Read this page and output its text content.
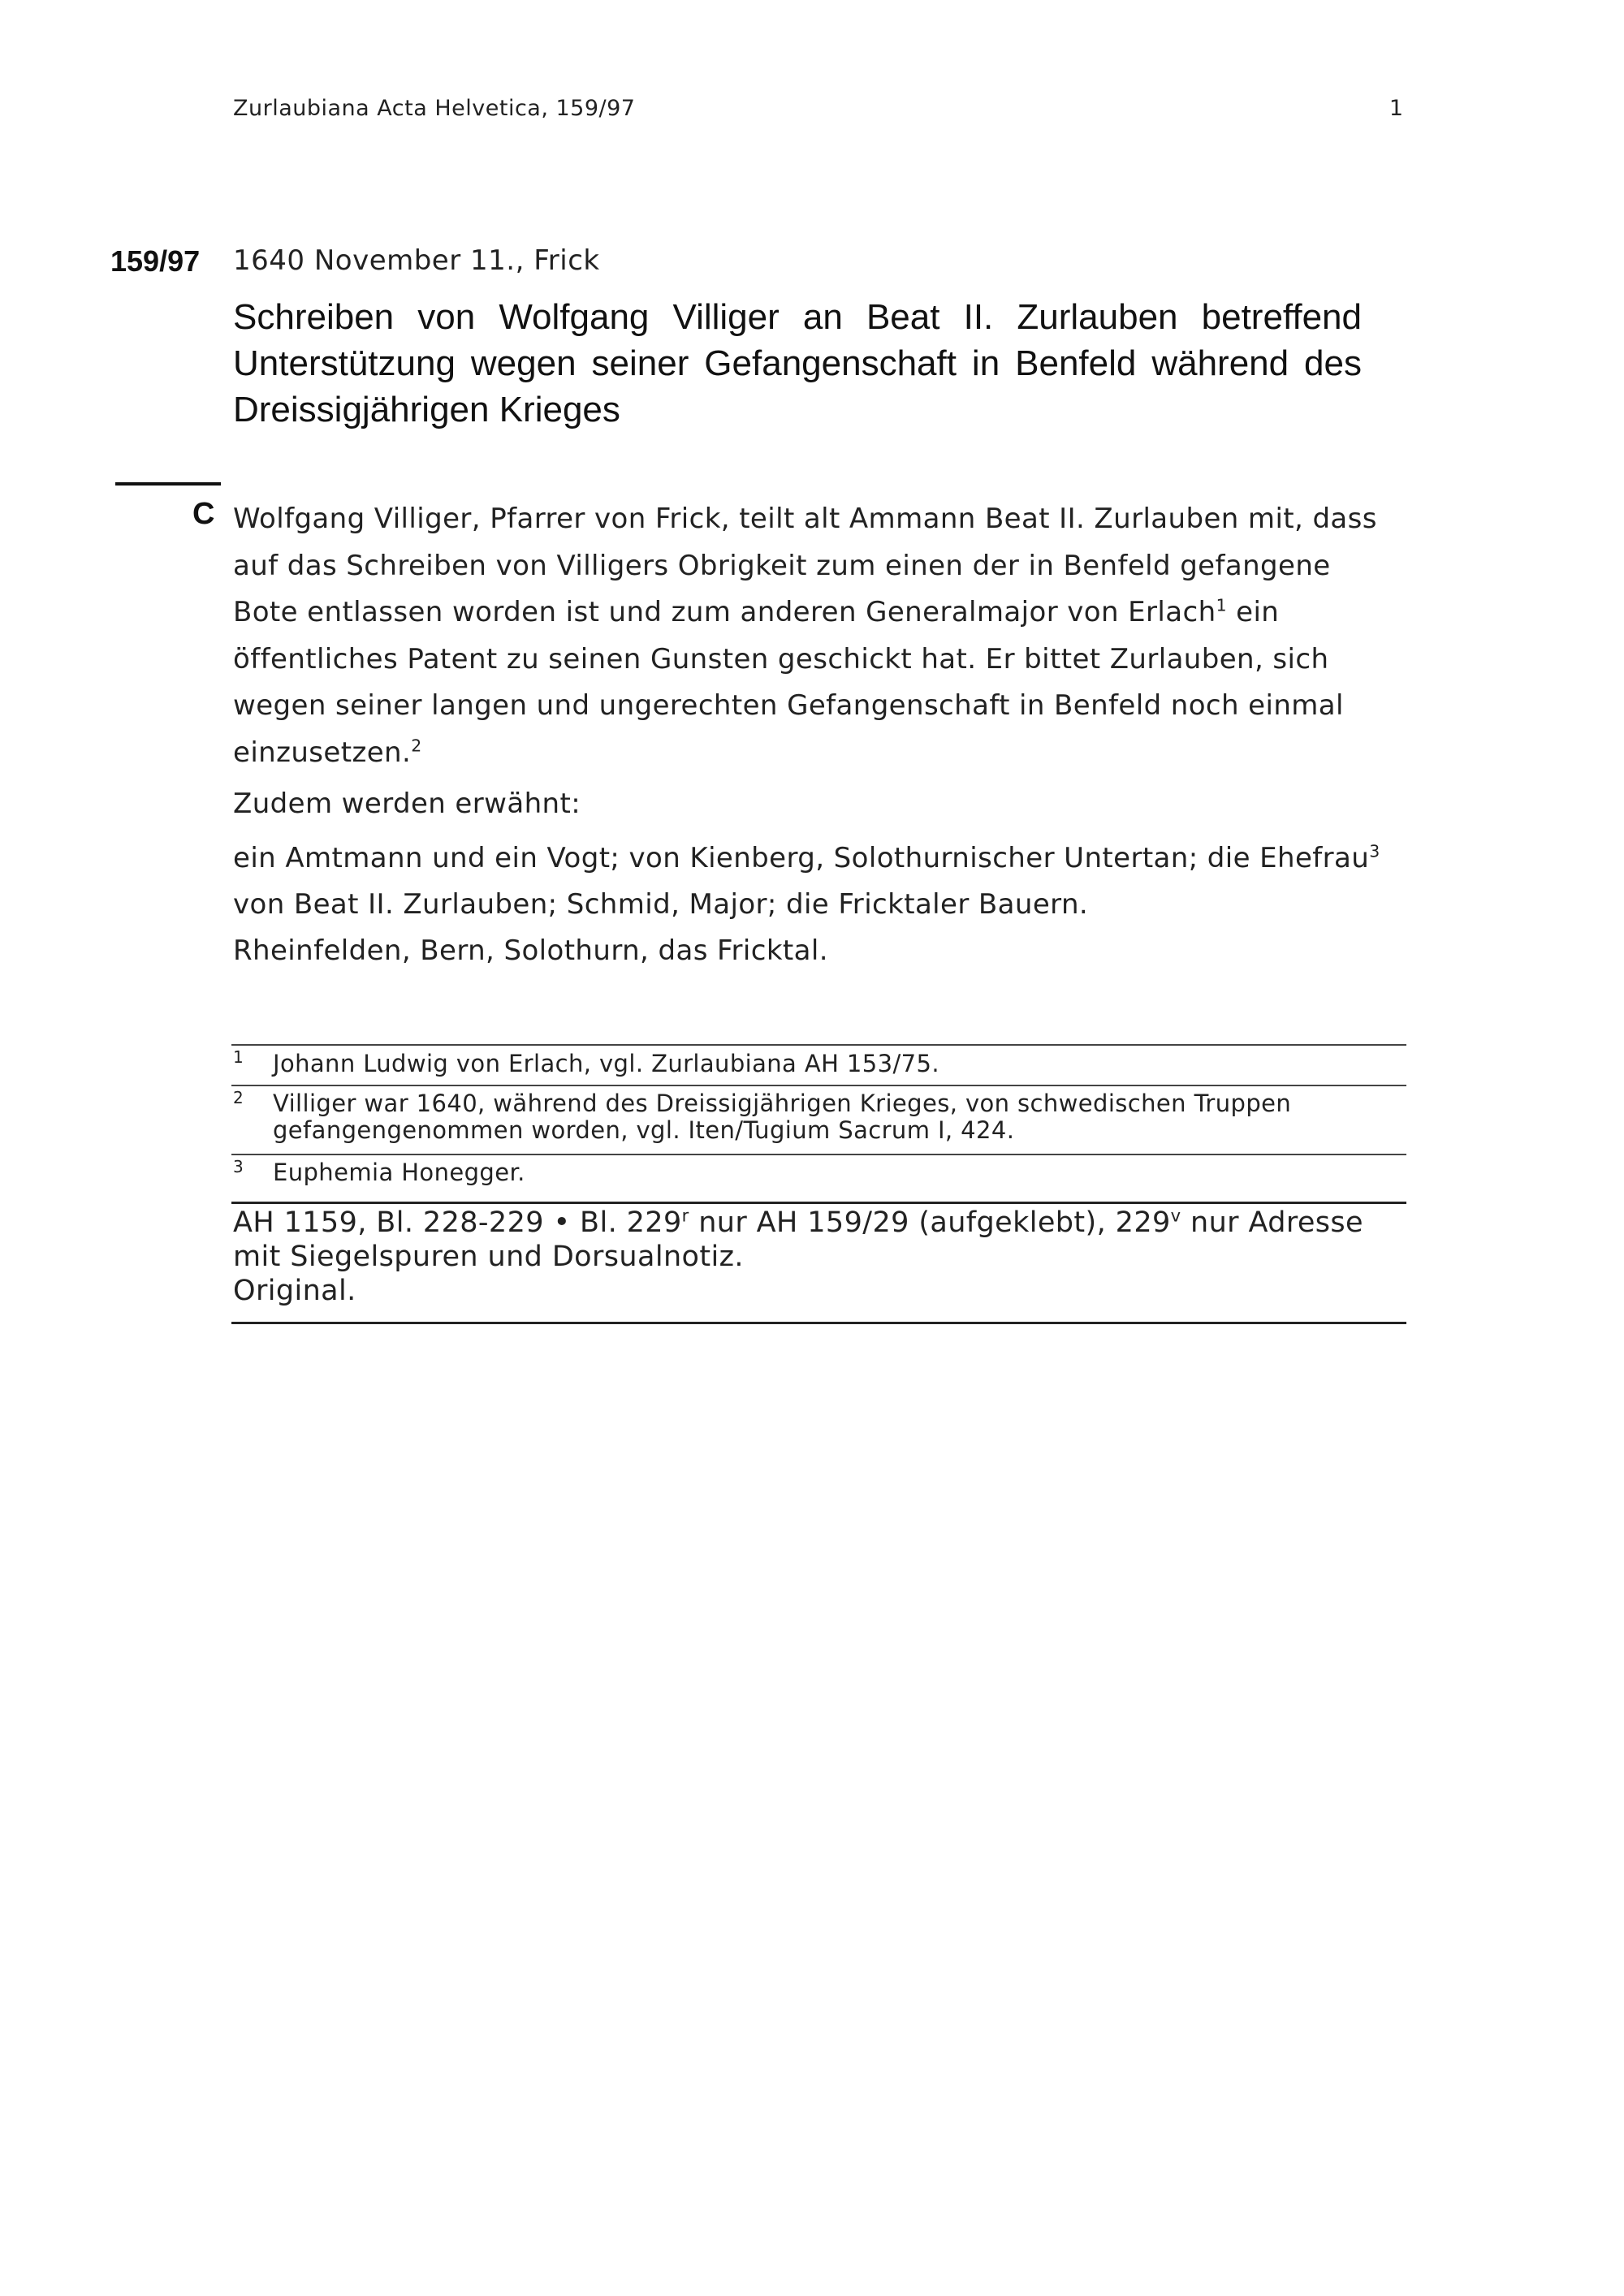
Zurlaubiana Acta Helvetica, 159/97	1
159/97 1640 November 11., Frick
Schreiben von Wolfgang Villiger an Beat II. Zurlauben betreffend Unterstützung wegen seiner Gefangenschaft in Benfeld während des Dreissigjährigen Krieges
C Wolfgang Villiger, Pfarrer von Frick, teilt alt Ammann Beat II. Zurlauben mit, dass auf das Schreiben von Villigers Obrigkeit zum einen der in Benfeld gefangene Bote entlassen worden ist und zum anderen Generalmajor von Erlach$^1$ ein öffentliches Patent zu seinen Gunsten geschickt hat. Er bittet Zurlauben, sich wegen seiner langen und ungerechten Gefangenschaft in Benfeld noch einmal einzusetzen.$^2$

Zudem werden erwähnt:

ein Amtmann und ein Vogt; von Kienberg, Solothurnischer Untertan; die Ehefrau$^3$ von Beat II. Zurlauben; Schmid, Major; die Fricktaler Bauern.
Rheinfelden, Bern, Solothurn, das Fricktal.

1 Johann Ludwig von Erlach, vgl. Zurlaubiana AH 153/75.
2 Villiger war 1640, während des Dreissigjährigen Krieges, von schwedischen Truppen gefangengenommen worden, vgl. Iten/Tugium Sacrum I, 424.
3 Euphemia Honegger.
AH 1159, Bl. 228-229 • Bl. 229$^r$ nur AH 159/29 (aufgeklebt), 229$^v$ nur Adresse mit Siegelspuren und Dorsualnotiz.
Original.
